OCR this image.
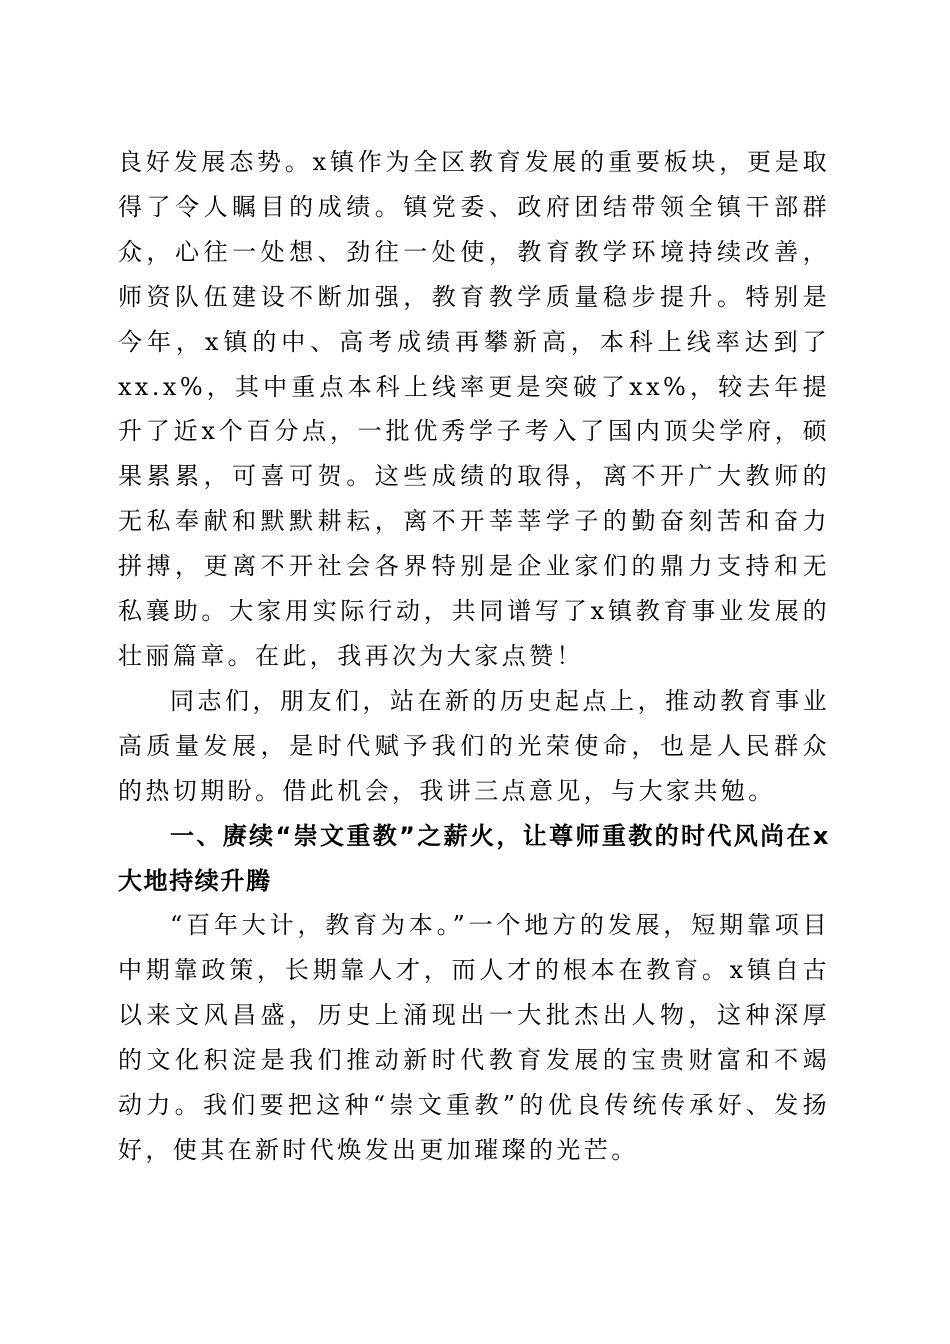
良好发展态势。x镇作为全区教育发展的重要板块，更是取得了令人瞩目的成绩。镇党委、政府团结带领全镇干部群众，心往一处想、劲往一处使，教育教学环境持续改善，师资队伍建设不断加强，教育教学质量稳步提升。特别是今年，x镇的中、高考成绩再攀新高，本科上线率达到了xx.x%，其中重点本科上线率更是突破了xx%，较去年提升了近x个百分点，一批优秀学子考入了国内顶尖学府，硕果累累，可喜可贺。这些成绩的取得，离不开广大教师的无私奉献和默默耕耘，离不开莘莘学子的勤奋刻苦和奋力拼搏，更离不开社会各界特别是企业家们的鼎力支持和无私襄助。大家用实际行动，共同谱写了x镇教育事业发展的壮丽篇章。在此，我再次为大家点赞！

同志们，朋友们，站在新的历史起点上，推动教育事业高质量发展，是时代赋予我们的光荣使命，也是人民群众的热切期盼。借此机会，我讲三点意见，与大家共勉。

一、赓续“崇文重教”之薪火，让尊师重教的时代风尚在x大地持续升腾

“百年大计，教育为本。”一个地方的发展，短期靠项目中期靠政策，长期靠人才，而人才的根本在教育。x镇自古以来文风昌盛，历史上涌现出一大批杰出人物，这种深厚的文化积淀是我们推动新时代教育发展的宝贵财富和不竭动力。我们要把这种“崇文重教”的优良传统传承好、发扬好，使其在新时代焕发出更加璀璨的光芒。
